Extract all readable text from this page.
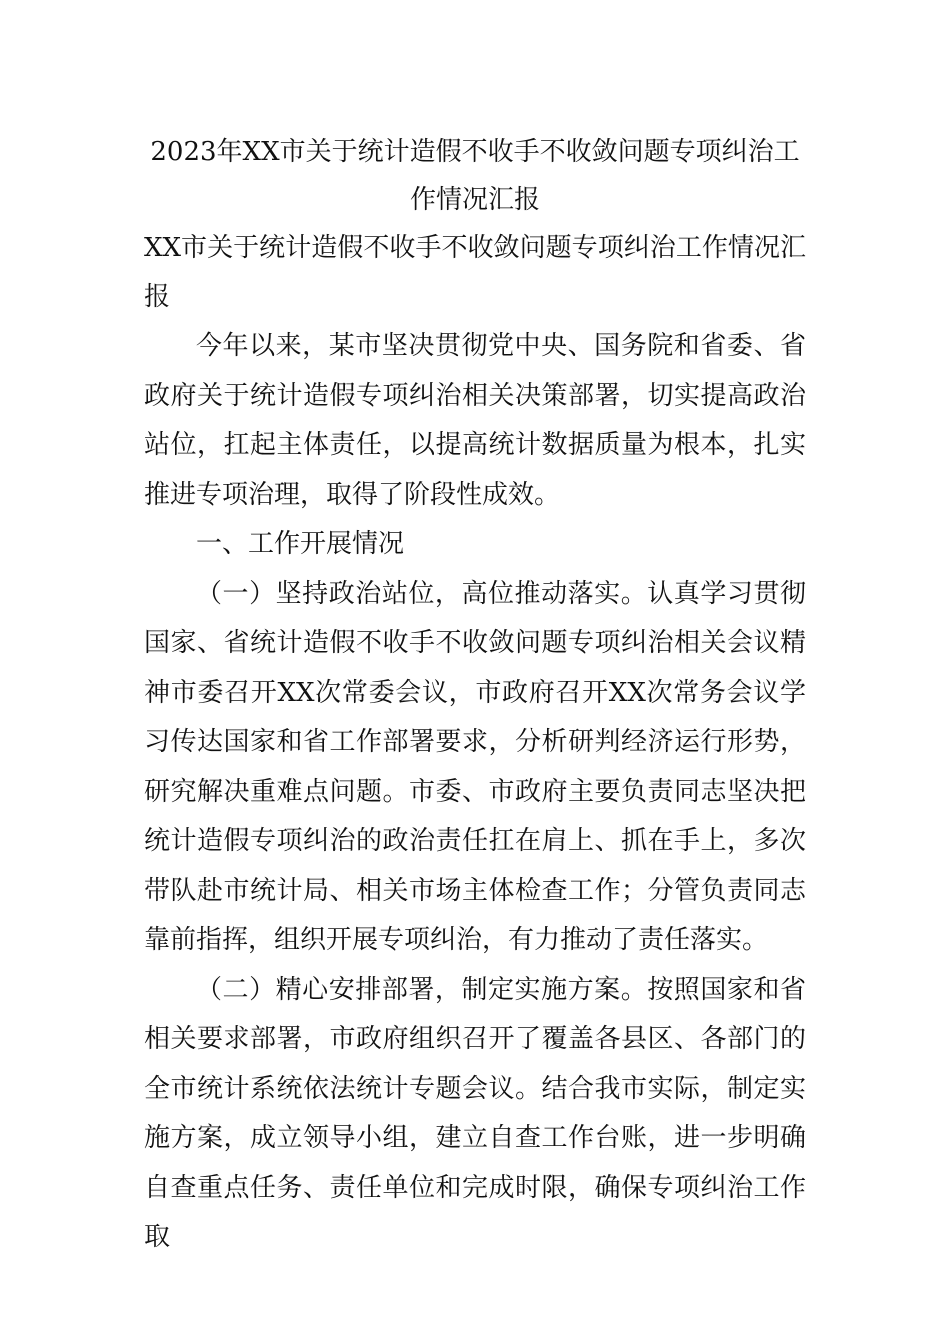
2023年XX市关于统计造假不收手不收敛问题专项纠治工作情况汇报

XX市关于统计造假不收手不收敛问题专项纠治工作情况汇报

今年以来，某市坚决贯彻党中央、国务院和省委、省政府关于统计造假专项纠治相关决策部署，切实提高政治站位，扛起主体责任，以提高统计数据质量为根本，扎实推进专项治理，取得了阶段性成效。

一、工作开展情况

（一）坚持政治站位，高位推动落实。认真学习贯彻国家、省统计造假不收手不收敛问题专项纠治相关会议精神市委召开XX次常委会议，市政府召开XX次常务会议学习传达国家和省工作部署要求，分析研判经济运行形势，研究解决重难点问题。市委、市政府主要负责同志坚决把统计造假专项纠治的政治责任扛在肩上、抓在手上，多次带队赴市统计局、相关市场主体检查工作；分管负责同志靠前指挥，组织开展专项纠治，有力推动了责任落实。

（二）精心安排部署，制定实施方案。按照国家和省相关要求部署，市政府组织召开了覆盖各县区、各部门的全市统计系统依法统计专题会议。结合我市实际，制定实施方案，成立领导小组，建立自查工作台账，进一步明确自查重点任务、责任单位和完成时限，确保专项纠治工作取
